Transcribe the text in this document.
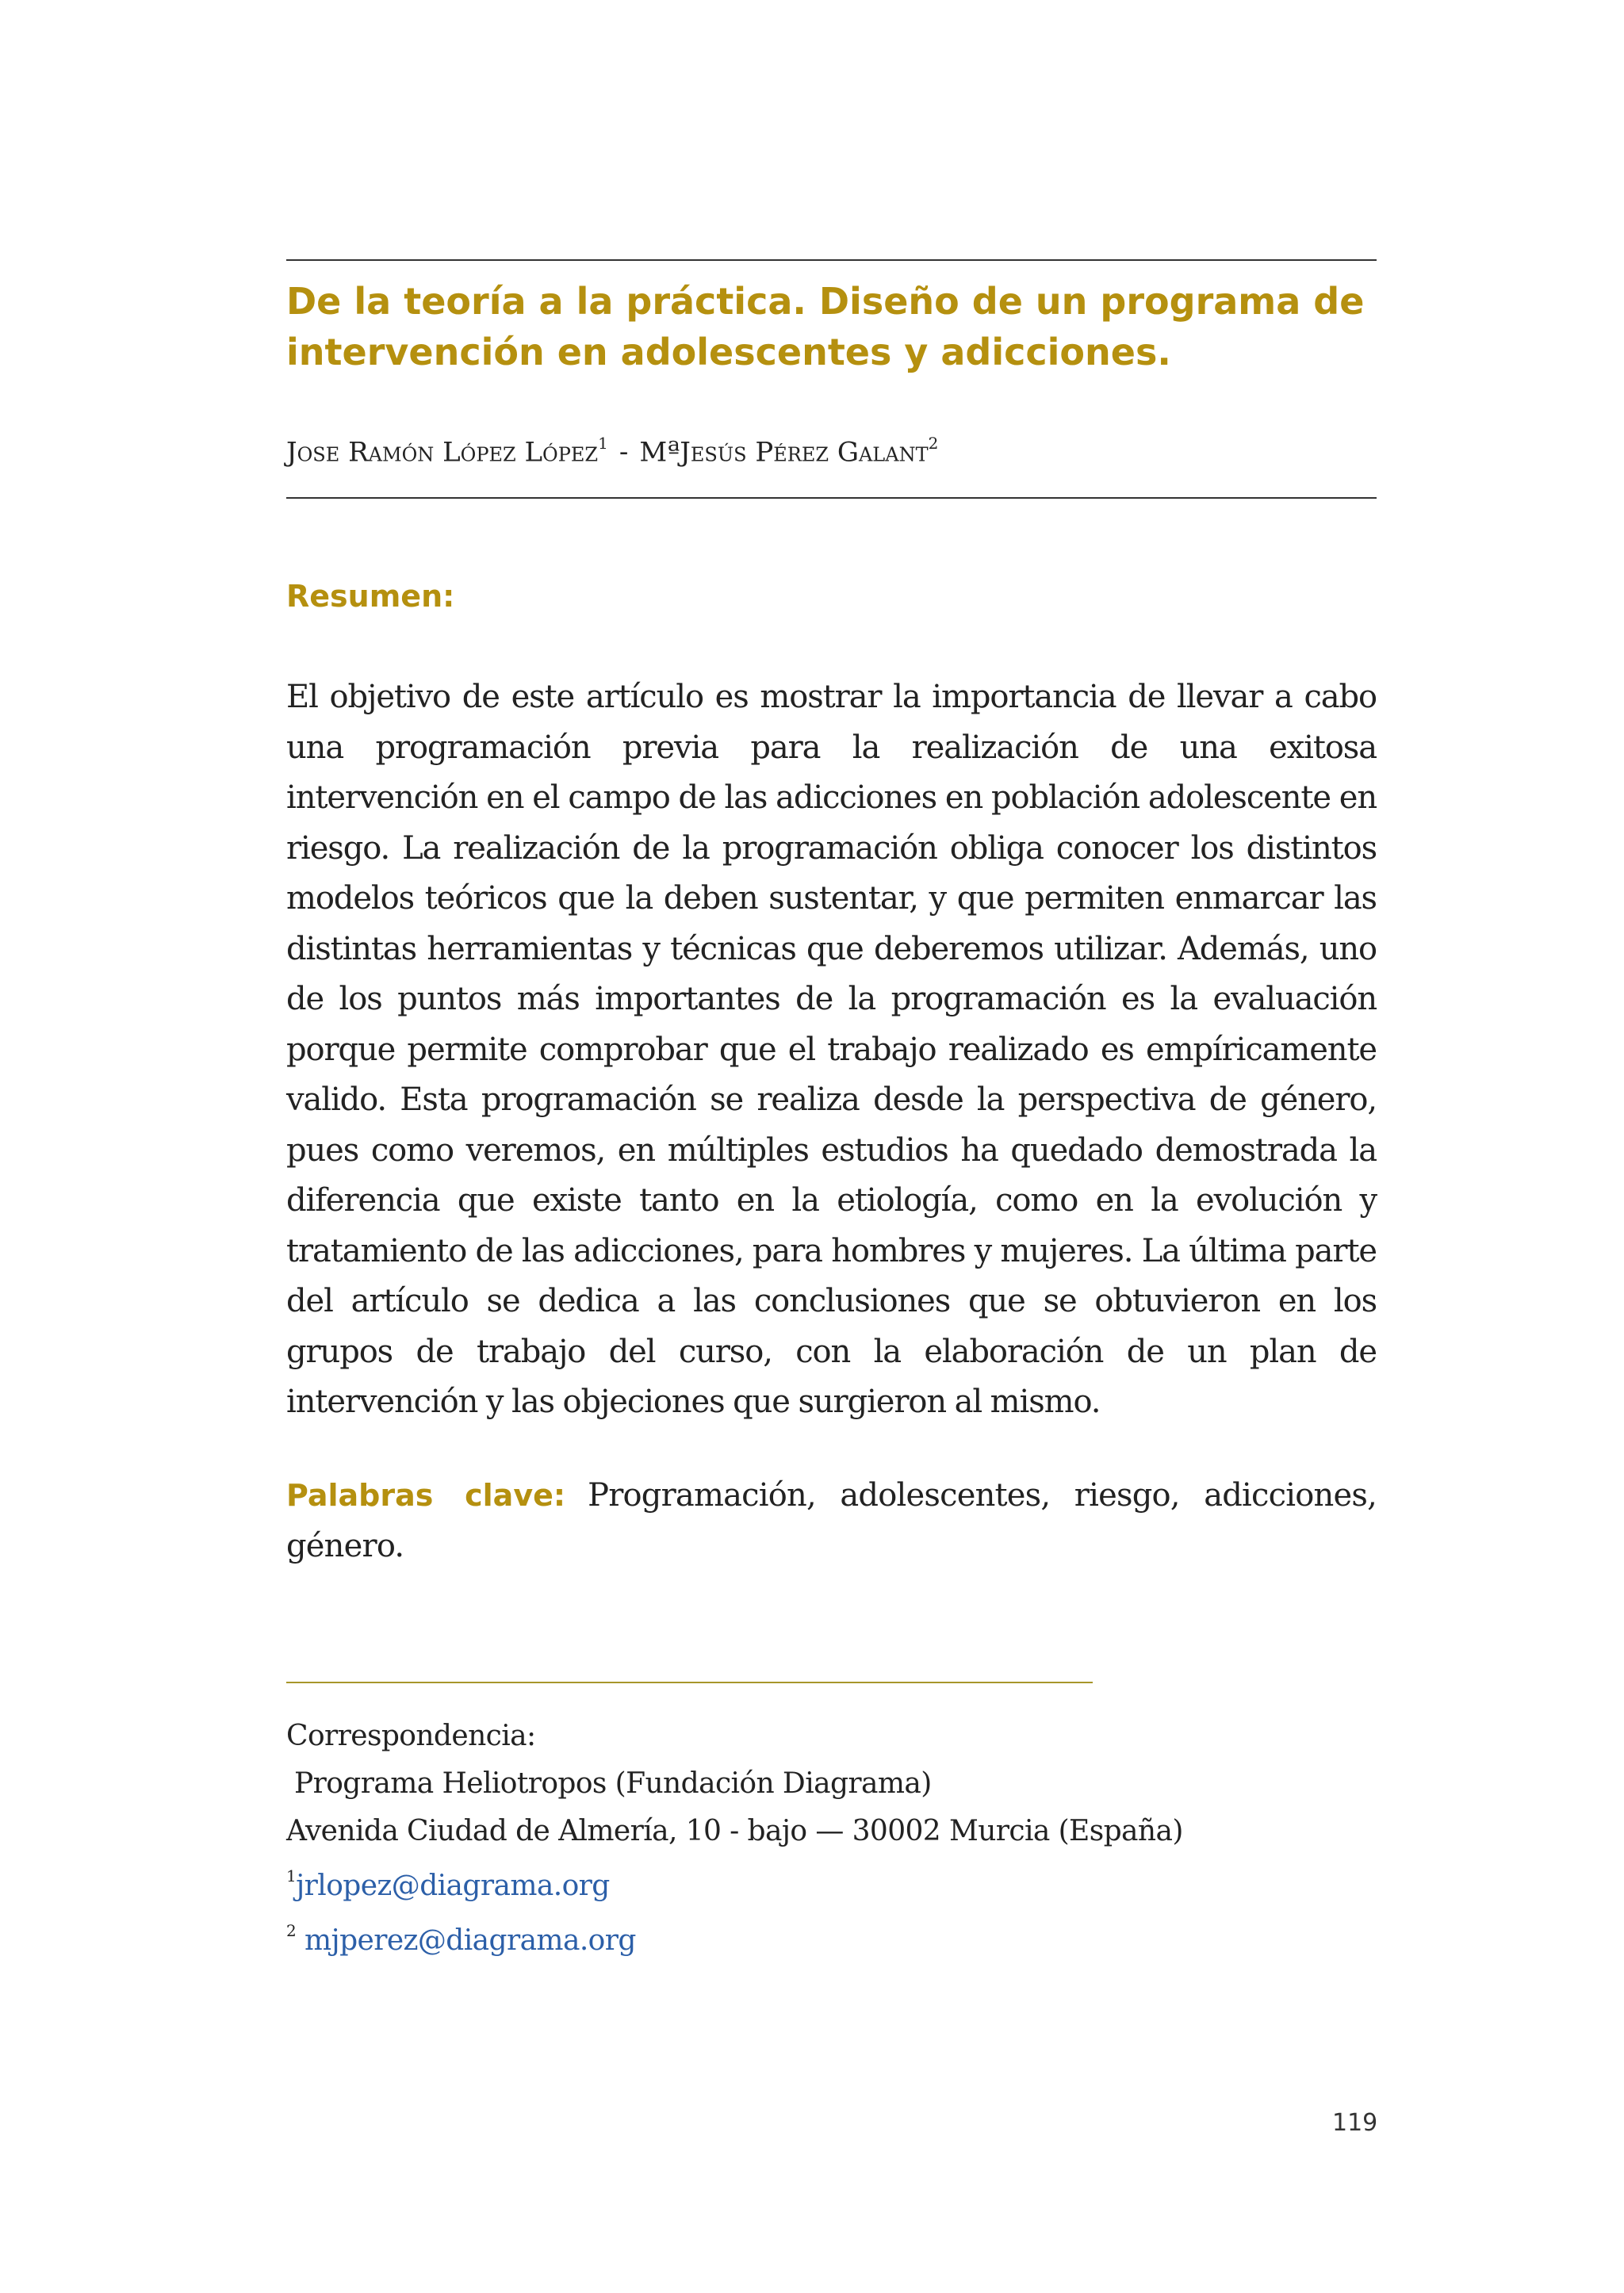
De la teoría a la práctica. Diseño de un programa de intervención en adolescentes y adicciones.
Jose Ramón López López$^1$ - MªJesús Pérez Galant$^2$
Resumen:

El objetivo de este artículo es mostrar la importancia de llevar a cabo una programación previa para la realización de una exitosa intervención en el campo de las adicciones en población adolescente en riesgo. La realización de la programación obliga conocer los distintos modelos teóricos que la deben sustentar, y que permiten enmarcar las distintas herramientas y técnicas que deberemos utilizar. Además, uno de los puntos más importantes de la programación es la evaluación porque permite comprobar que el trabajo realizado es empíricamente valido. Esta programación se realiza desde la perspectiva de género, pues como veremos, en múltiples estudios ha quedado demostrada la diferencia que existe tanto en la etiología, como en la evolución y tratamiento de las adicciones, para hombres y mujeres. La última parte del artículo se dedica a las conclusiones que se obtuvieron en los grupos de trabajo del curso, con la elaboración de un plan de intervención y las objeciones que surgieron al mismo.

Palabras clave: Programación, adolescentes, riesgo, adicciones, género.

Correspondencia:
Programa Heliotropos (Fundación Diagrama)
Avenida Ciudad de Almería, 10 - bajo — 30002 Murcia (España)
$^1$jrlopez@diagrama.org
$^2$ mjperez@diagrama.org
119
